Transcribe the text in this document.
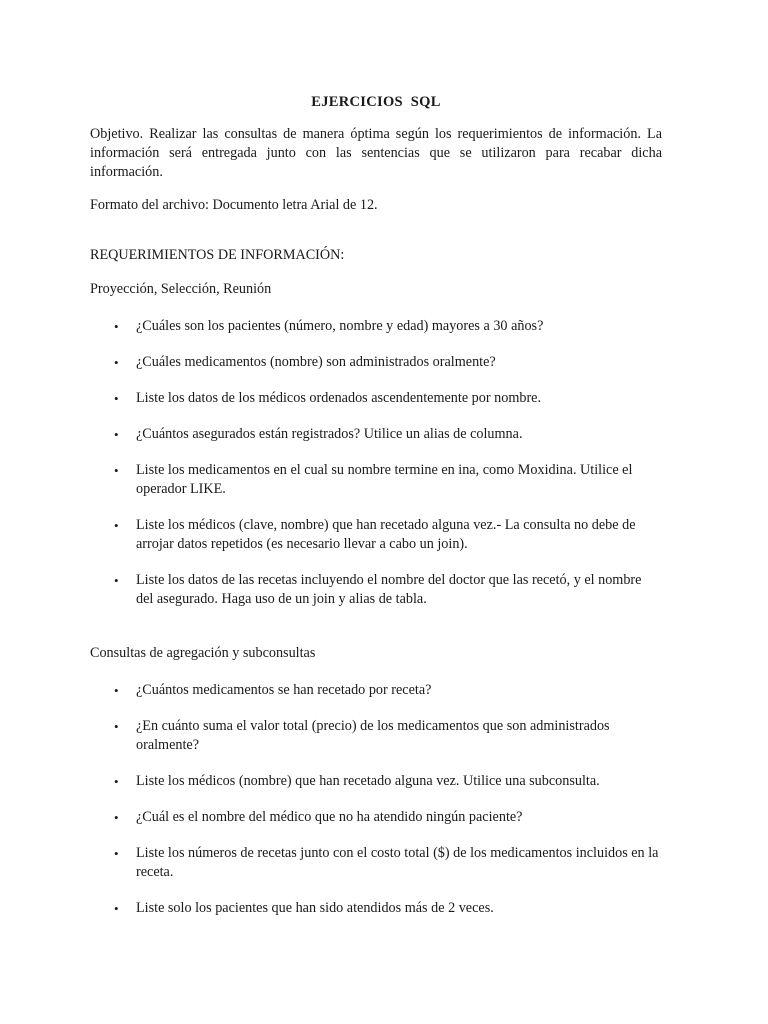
EJERCICIOS SQL

Objetivo. Realizar las consultas de manera óptima según los requerimientos de información. La información será entregada junto con las sentencias que se utilizaron para recabar dicha información.

Formato del archivo: Documento letra Arial de 12.

REQUERIMIENTOS DE INFORMACIÓN:

Proyección, Selección, Reunión

• ¿Cuáles son los pacientes (número, nombre y edad) mayores a 30 años?
• ¿Cuáles medicamentos (nombre) son administrados oralmente?
• Liste los datos de los médicos ordenados ascendentemente por nombre.
• ¿Cuántos asegurados están registrados? Utilice un alias de columna.
• Liste los medicamentos en el cual su nombre termine en ina, como Moxidina. Utilice el operador LIKE.
• Liste los médicos (clave, nombre) que han recetado alguna vez.- La consulta no debe de arrojar datos repetidos (es necesario llevar a cabo un join).
• Liste los datos de las recetas incluyendo el nombre del doctor que las recetó, y el nombre del asegurado. Haga uso de un join y alias de tabla.

Consultas de agregación y subconsultas

• ¿Cuántos medicamentos se han recetado por receta?
• ¿En cuánto suma el valor total (precio) de los medicamentos que son administrados oralmente?
• Liste los médicos (nombre) que han recetado alguna vez. Utilice una subconsulta.
• ¿Cuál es el nombre del médico que no ha atendido ningún paciente?
• Liste los números de recetas junto con el costo total ($) de los medicamentos incluidos en la receta.
• Liste solo los pacientes que han sido atendidos más de 2 veces.
